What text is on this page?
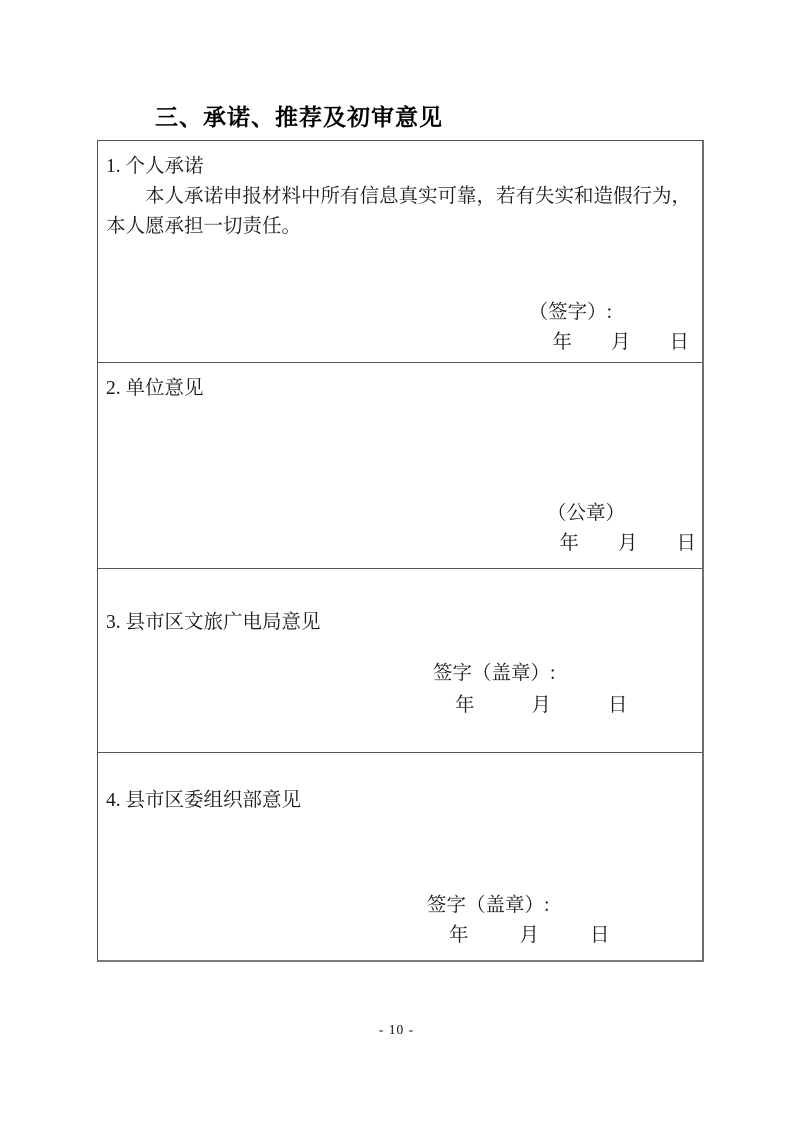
三、承诺、推荐及初审意见
1. 个人承诺
本人承诺申报材料中所有信息真实可靠，若有失实和造假行为，
本人愿承担一切责任。
（签字）:
年　　月　　日
2. 单位意见
（公章）
年　　月　　日
3. 县市区文旅广电局意见
签字（盖章）:
年　　月　　日
4. 县市区委组织部意见
签字（盖章）:
年　　月　　日
- 10 -
